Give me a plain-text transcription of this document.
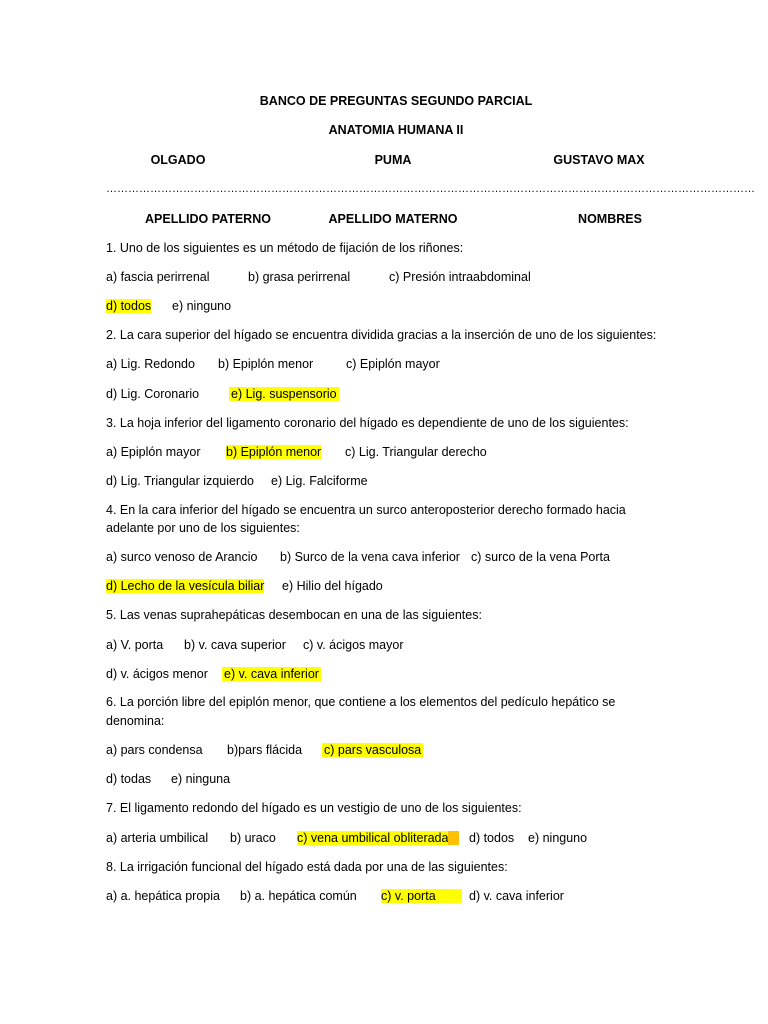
BANCO DE PREGUNTAS SEGUNDO PARCIAL
ANATOMIA HUMANA II
OLGADO	PUMA	GUSTAVO MAX
……………………………………………………………………………………………………………………………………………………………
APELLIDO PATERNO	APELLIDO MATERNO	NOMBRES
1. Uno de los siguientes es un método de fijación de los riñones:
a) fascia perirrenal	b) grasa perirrenal	c) Presión intraabdominal
d) todos e) ninguno
2. La cara superior del hígado se encuentra dividida gracias a la inserción de uno de los siguientes:
a) Lig. Redondo b) Epiplón menor	c) Epiplón mayor
d) Lig. Coronario	e) Lig. suspensorio
3. La hoja inferior del ligamento coronario del hígado es dependiente de uno de los siguientes:
a) Epiplón mayor b) Epiplón menor c) Lig. Triangular derecho
d) Lig. Triangular izquierdo e) Lig. Falciforme
4. En la cara inferior del hígado se encuentra un surco anteroposterior derecho formado hacia
adelante por uno de los siguientes:
a) surco venoso de Arancio b) Surco de la vena cava inferior c) surco de la vena Porta
d) Lecho de la vesícula biliar e) Hilio del hígado
5. Las venas suprahepáticas desembocan en una de las siguientes:
a) V. porta b) v. cava superior c) v. ácigos mayor
d) v. ácigos menor e) v. cava inferior
6. La porción libre del epiplón menor, que contiene a los elementos del pedículo hepático se
denomina:
a) pars condensa b)pars flácida c) pars vasculosa
d) todas e) ninguna
7. El ligamento redondo del hígado es un vestigio de uno de los siguientes:
a) arteria umbilical b) uraco c) vena umbilical obliterada	d) todos e) ninguno
8. La irrigación funcional del hígado está dada por una de las siguientes:
a) a. hepática propia b) a. hepática común c) v. porta	d) v. cava inferior
